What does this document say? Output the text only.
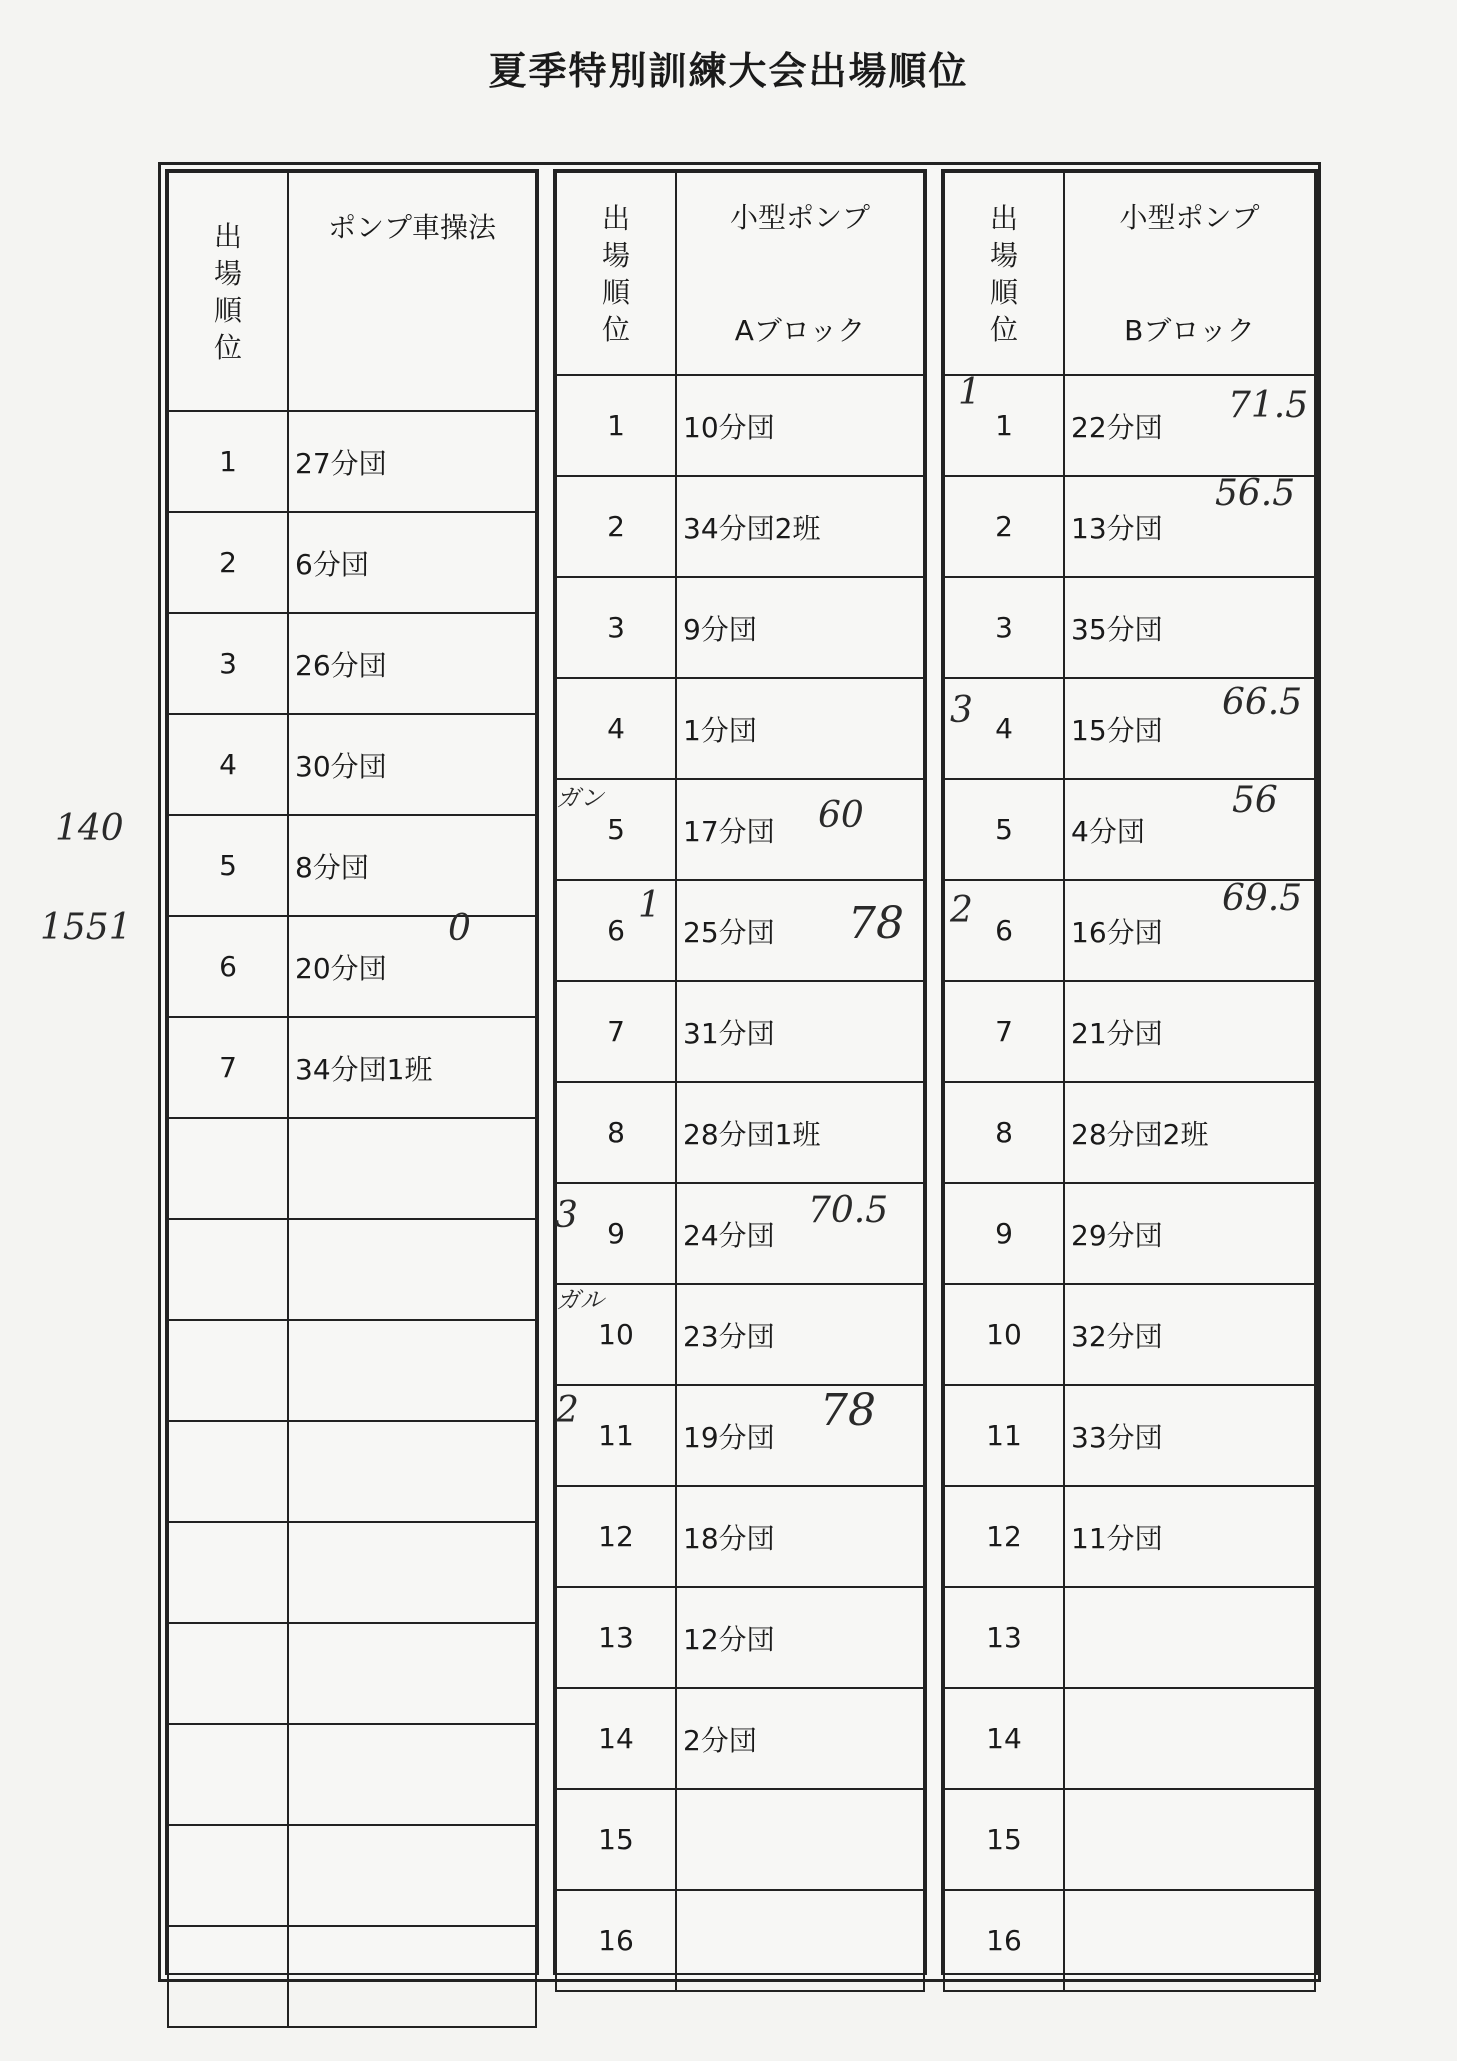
夏季特別訓練大会出場順位
出場順位	ポンプ車操法
1	27分団
2	6分団
3	26分団
4	30分団
5	8分団
6	20分団
7	34分団1班

出場順位	小型ポンプ
Aブロック

1	10分団
2	34分団2班
3	9分団
4	1分団
5	17分団
6	25分団
7	31分団
8	28分団1班
9	24分団
10	23分団
11	19分団
12	18分団
13	12分団
14	2分団
15	
16	
出場順位	小型ポンプ
Bブロック

1	22分団
2	13分団
3	35分団
4	15分団
5	4分団
6	16分団
7	21分団
8	28分団2班
9	29分団
10	32分団
11	33分団
12	11分団
13	
14	
15	
16	
140
1551	0
ガン	60
1	78
3	70.5
ガル
2	78
1	71.5
56.5
3	66.5
56
2	69.5
